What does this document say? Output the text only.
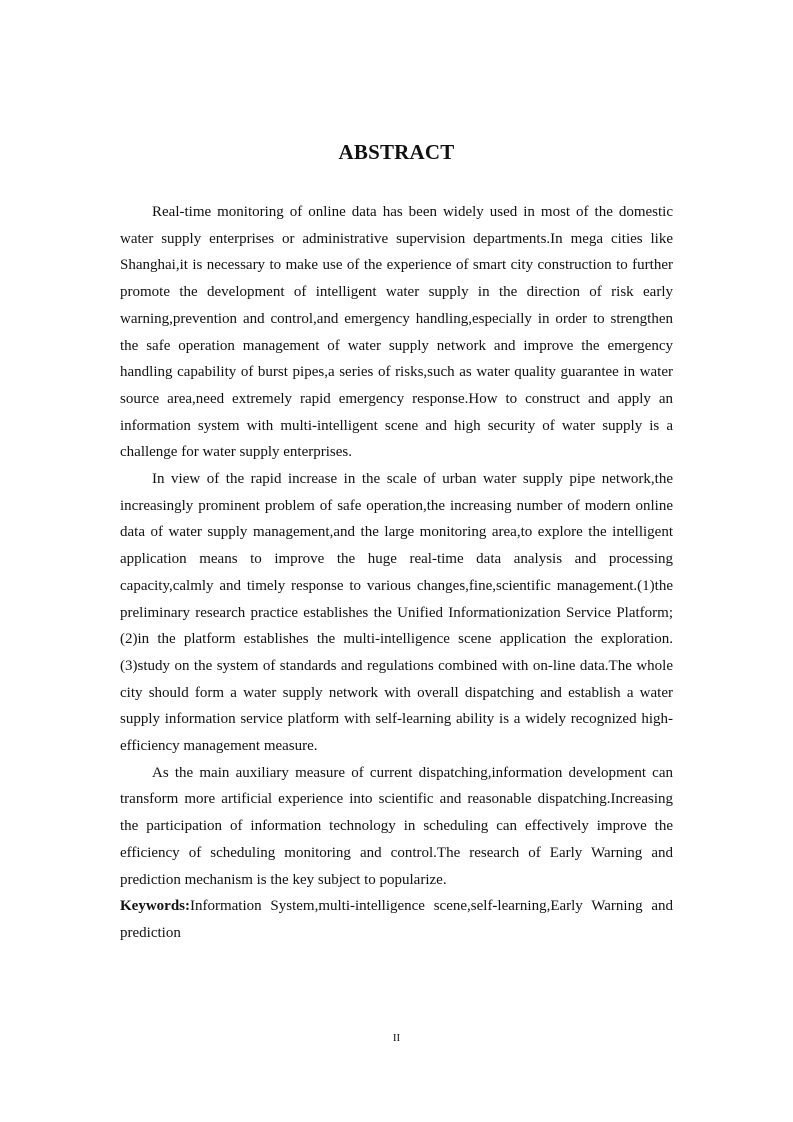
ABSTRACT

Real-time monitoring of online data has been widely used in most of the domestic water supply enterprises or administrative supervision departments.In mega cities like Shanghai,it is necessary to make use of the experience of smart city construction to further promote the development of intelligent water supply in the direction of risk early warning,prevention and control,and emergency handling,especially in order to strengthen the safe operation management of water supply network and improve the emergency handling capability of burst pipes,a series of risks,such as water quality guarantee in water source area,need extremely rapid emergency response.How to construct and apply an information system with multi-intelligent scene and high security of water supply is a challenge for water supply enterprises.

In view of the rapid increase in the scale of urban water supply pipe network,the increasingly prominent problem of safe operation,the increasing number of modern online data of water supply management,and the large monitoring area,to explore the intelligent application means to improve the huge real-time data analysis and processing capacity,calmly and timely response to various changes,fine,scientific management.(1)the preliminary research practice establishes the Unified Informationization Service Platform;(2)in the platform establishes the multi-intelligence scene application the exploration.(3)study on the system of standards and regulations combined with on-line data.The whole city should form a water supply network with overall dispatching and establish a water supply information service platform with self-learning ability is a widely recognized high-efficiency management measure.

As the main auxiliary measure of current dispatching,information development can transform more artificial experience into scientific and reasonable dispatching.Increasing the participation of information technology in scheduling can effectively improve the efficiency of scheduling monitoring and control.The research of Early Warning and prediction mechanism is the key subject to popularize.

Keywords:Information System,multi-intelligence scene,self-learning,Early Warning and prediction

II
